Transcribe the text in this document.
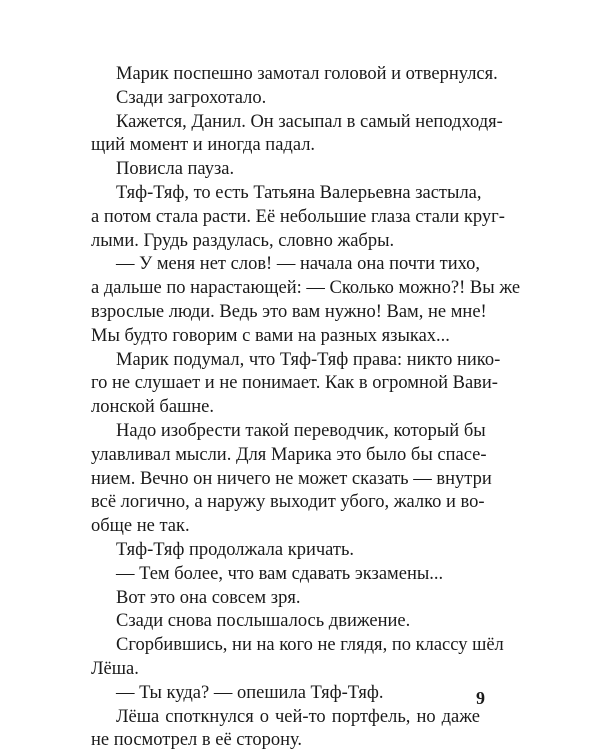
Марик поспешно замотал головой и отвернулся.
Сзади загрохотало.
Кажется, Данил. Он засыпал в самый неподходя-
щий момент и иногда падал.
Повисла пауза.
Тяф-Тяф, то есть Татьяна Валерьевна застыла,
а потом стала расти. Её небольшие глаза стали круг-
лыми. Грудь раздулась, словно жабры.
— У меня нет слов! — начала она почти тихо,
а дальше по нарастающей: — Сколько можно?! Вы же
взрослые люди. Ведь это вам нужно! Вам, не мне!
Мы будто говорим с вами на разных языках...
Марик подумал, что Тяф-Тяф права: никто нико-
го не слушает и не понимает. Как в огромной Вави-
лонской башне.
Надо изобрести такой переводчик, который бы
улавливал мысли. Для Марика это было бы спасе-
нием. Вечно он ничего не может сказать — внутри
всё логично, а наружу выходит убого, жалко и во-
обще не так.
Тяф-Тяф продолжала кричать.
— Тем более, что вам сдавать экзамены...
Вот это она совсем зря.
Сзади снова послышалось движение.
Сгорбившись, ни на кого не глядя, по классу шёл
Лёша.
— Ты куда? — опешила Тяф-Тяф.
Лёша споткнулся о чей-то портфель, но даже
не посмотрел в её сторону.
9
